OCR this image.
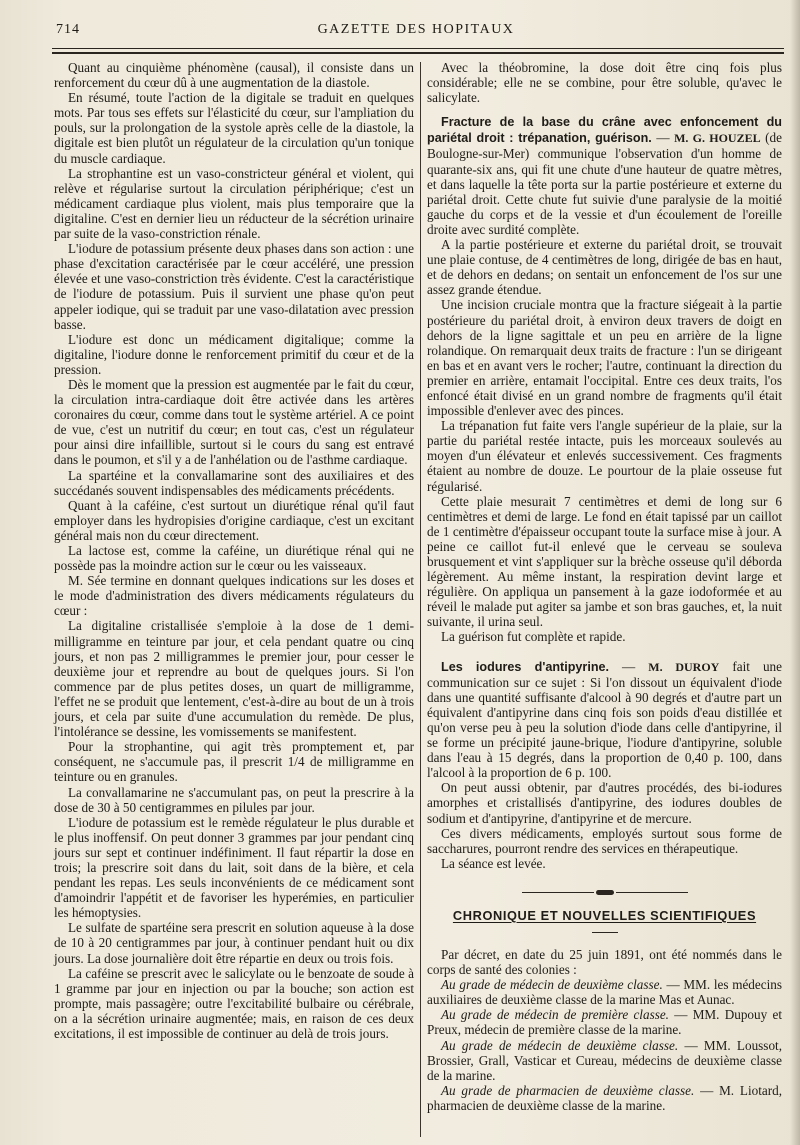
714	GAZETTE DES HOPITAUX

Quant au cinquième phénomène (causal), il consiste dans un renforcement du cœur dû à une augmentation de la diastole.

En résumé, toute l'action de la digitale se traduit en quelques mots. Par tous ses effets sur l'élasticité du cœur, sur l'ampliation du pouls, sur la prolongation de la systole après celle de la diastole, la digitale est bien plutôt un régulateur de la circulation qu'un tonique du muscle cardiaque.

La strophantine est un vaso-constricteur général et violent, qui relève et régularise surtout la circulation périphérique; c'est un médicament cardiaque plus violent, mais plus temporaire que la digitaline. C'est en dernier lieu un réducteur de la sécrétion urinaire par suite de la vaso-constriction rénale.

L'iodure de potassium présente deux phases dans son action : une phase d'excitation caractérisée par le cœur accéléré, une pression élevée et une vaso-constriction très évidente. C'est la caractéristique de l'iodure de potassium. Puis il survient une phase qu'on peut appeler iodique, qui se traduit par une vaso-dilatation avec pression basse.

L'iodure est donc un médicament digitalique; comme la digitaline, l'iodure donne le renforcement primitif du cœur et de la pression.

Dès le moment que la pression est augmentée par le fait du cœur, la circulation intra-cardiaque doit être activée dans les artères coronaires du cœur, comme dans tout le système artériel. A ce point de vue, c'est un nutritif du cœur; en tout cas, c'est un régulateur pour ainsi dire infaillible, surtout si le cours du sang est entravé dans le poumon, et s'il y a de l'anhélation ou de l'asthme cardiaque.

La spartéine et la convallamarine sont des auxiliaires et des succédanés souvent indispensables des médicaments précédents.

Quant à la caféine, c'est surtout un diurétique rénal qu'il faut employer dans les hydropisies d'origine cardiaque, c'est un excitant général mais non du cœur directement.

La lactose est, comme la caféine, un diurétique rénal qui ne possède pas la moindre action sur le cœur ou les vaisseaux.

M. Sée termine en donnant quelques indications sur les doses et le mode d'administration des divers médicaments régulateurs du cœur :

La digitaline cristallisée s'emploie à la dose de 1 demi-milligramme en teinture par jour, et cela pendant quatre ou cinq jours, et non pas 2 milligrammes le premier jour, pour cesser le deuxième jour et reprendre au bout de quelques jours. Si l'on commence par de plus petites doses, un quart de milligramme, l'effet ne se produit que lentement, c'est-à-dire au bout de un à trois jours, et cela par suite d'une accumulation du remède. De plus, l'intolérance se dessine, les vomissements se manifestent.

Pour la strophantine, qui agit très promptement et, par conséquent, ne s'accumule pas, il prescrit 1/4 de milligramme en teinture ou en granules.

La convallamarine ne s'accumulant pas, on peut la prescrire à la dose de 30 à 50 centigrammes en pilules par jour.

L'iodure de potassium est le remède régulateur le plus durable et le plus inoffensif. On peut donner 3 grammes par jour pendant cinq jours sur sept et continuer indéfiniment. Il faut répartir la dose en trois; la prescrire soit dans du lait, soit dans de la bière, et cela pendant les repas. Les seuls inconvénients de ce médicament sont d'amoindrir l'appétit et de favoriser les hyperémies, en particulier les hémoptysies.

Le sulfate de spartéine sera prescrit en solution aqueuse à la dose de 10 à 20 centigrammes par jour, à continuer pendant huit ou dix jours. La dose journalière doit être répartie en deux ou trois fois.

La caféine se prescrit avec le salicylate ou le benzoate de soude à 1 gramme par jour en injection ou par la bouche; son action est prompte, mais passagère; outre l'excitabilité bulbaire ou cérébrale, on a la sécrétion urinaire augmentée; mais, en raison de ces deux excitations, il est impossible de continuer au delà de trois jours.

Avec la théobromine, la dose doit être cinq fois plus considérable; elle ne se combine, pour être soluble, qu'avec le salicylate.

Fracture de la base du crâne avec enfoncement du pariétal droit : trépanation, guérison. — M. G. HOUZEL (de Boulogne-sur-Mer) communique l'observation d'un homme de quarante-six ans, qui fit une chute d'une hauteur de quatre mètres, et dans laquelle la tête porta sur la partie postérieure et externe du pariétal droit. Cette chute fut suivie d'une paralysie de la moitié gauche du corps et de la vessie et d'un écoulement de l'oreille droite avec surdité complète.

A la partie postérieure et externe du pariétal droit, se trouvait une plaie contuse, de 4 centimètres de long, dirigée de bas en haut, et de dehors en dedans; on sentait un enfoncement de l'os sur une assez grande étendue.

Une incision cruciale montra que la fracture siégeait à la partie postérieure du pariétal droit, à environ deux travers de doigt en dehors de la ligne sagittale et un peu en arrière de la ligne rolandique. On remarquait deux traits de fracture : l'un se dirigeant en bas et en avant vers le rocher; l'autre, continuant la direction du premier en arrière, entamait l'occipital. Entre ces deux traits, l'os enfoncé était divisé en un grand nombre de fragments qu'il était impossible d'enlever avec des pinces.

La trépanation fut faite vers l'angle supérieur de la plaie, sur la partie du pariétal restée intacte, puis les morceaux soulevés au moyen d'un élévateur et enlevés successivement. Ces fragments étaient au nombre de douze. Le pourtour de la plaie osseuse fut régularisé.

Cette plaie mesurait 7 centimètres et demi de long sur 6 centimètres et demi de large. Le fond en était tapissé par un caillot de 1 centimètre d'épaisseur occupant toute la surface mise à jour. A peine ce caillot fut-il enlevé que le cerveau se souleva brusquement et vint s'appliquer sur la brèche osseuse qu'il déborda légèrement. Au même instant, la respiration devint large et régulière. On appliqua un pansement à la gaze iodoformée et au réveil le malade put agiter sa jambe et son bras gauches, et, la nuit suivante, il urina seul.

La guérison fut complète et rapide.

Les iodures d'antipyrine. — M. DUROY fait une communication sur ce sujet : Si l'on dissout un équivalent d'iode dans une quantité suffisante d'alcool à 90 degrés et d'autre part un équivalent d'antipyrine dans cinq fois son poids d'eau distillée et qu'on verse peu à peu la solution d'iode dans celle d'antipyrine, il se forme un précipité jaune-brique, l'iodure d'antipyrine, soluble dans l'eau à 15 degrés, dans la proportion de 0,40 p. 100, dans l'alcool à la proportion de 6 p. 100.

On peut aussi obtenir, par d'autres procédés, des bi-iodures amorphes et cristallisés d'antipyrine, des iodures doubles de sodium et d'antipyrine, d'antipyrine et de mercure.

Ces divers médicaments, employés surtout sous forme de saccharures, pourront rendre des services en thérapeutique.

La séance est levée.

CHRONIQUE ET NOUVELLES SCIENTIFIQUES

Par décret, en date du 25 juin 1891, ont été nommés dans le corps de santé des colonies :

Au grade de médecin de deuxième classe. — MM. les médecins auxiliaires de deuxième classe de la marine Mas et Aunac.

Au grade de médecin de première classe. — MM. Dupouy et Preux, médecin de première classe de la marine.

Au grade de médecin de deuxième classe. — MM. Loussot, Brossier, Grall, Vasticar et Cureau, médecins de deuxième classe de la marine.

Au grade de pharmacien de deuxième classe. — M. Liotard, pharmacien de deuxième classe de la marine.
